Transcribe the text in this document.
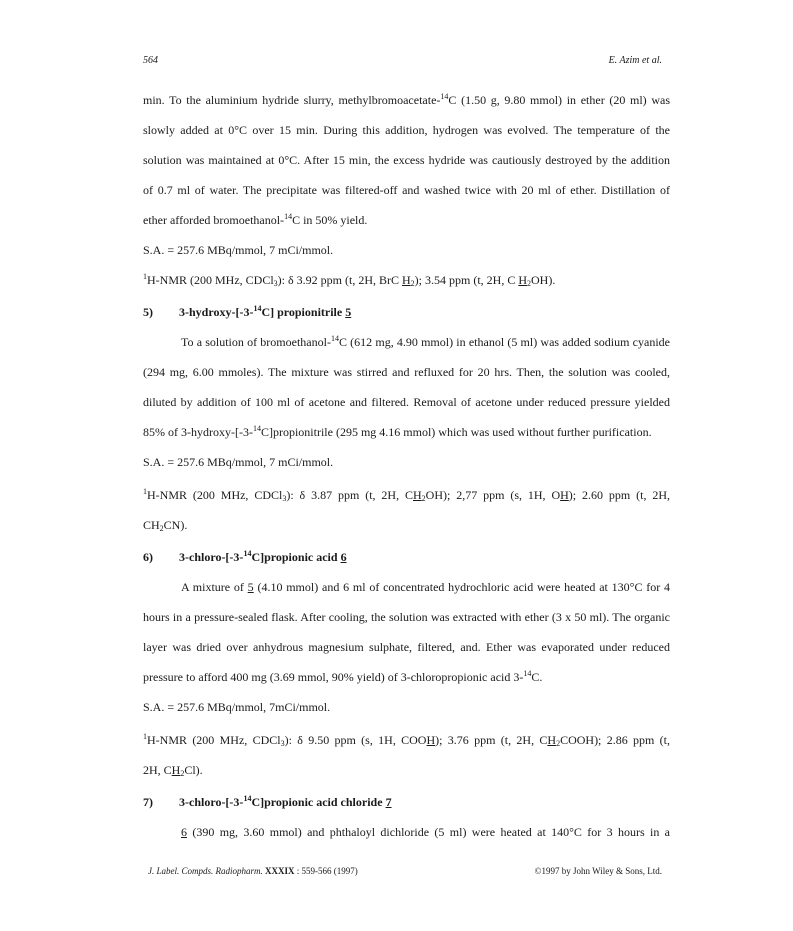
564	E. Azim et al.
min. To the aluminium hydride slurry, methylbromoacetate-$^{14}$C (1.50 g, 9.80 mmol) in ether (20 ml) was
slowly added at 0°C over 15 min. During this addition, hydrogen was evolved. The temperature of the
solution was maintained at 0°C. After 15 min, the excess hydride was cautiously destroyed by the addition
of 0.7 ml of water. The precipitate was filtered-off and washed twice with 20 ml of ether. Distillation of
ether afforded bromoethanol-$^{14}$C in 50% yield.
S.A. = 257.6 MBq/mmol, 7 mCi/mmol.
$^1$H-NMR (200 MHz, CDCl$_3$): δ 3.92 ppm (t, 2H, BrC $H_2$); 3.54 ppm (t, 2H, C $H_2OH$).
5) 3-hydroxy-[-3-$^{14}$C] propionitrile 5
To a solution of bromoethanol-$^{14}$C (612 mg, 4.90 mmol) in ethanol (5 ml) was added sodium cyanide
(294 mg, 6.00 mmoles). The mixture was stirred and refluxed for 20 hrs. Then, the solution was cooled,
diluted by addition of 100 ml of acetone and filtered. Removal of acetone under reduced pressure yielded
85% of 3-hydroxy-[-3-$^{14}$C]propionitrile (295 mg 4.16 mmol) which was used without further purification.
S.A. = 257.6 MBq/mmol, 7 mCi/mmol.
$^1$H-NMR (200 MHz, CDCl$_3$): δ 3.87 ppm (t, 2H, $CH_2OH$); 2,77 ppm (s, 1H, OH); 2.60 ppm (t, 2H,
$CH_2CN$).
6) 3-chloro-[-3-$^{14}$C]propionic acid 6
A mixture of 5 (4.10 mmol) and 6 ml of concentrated hydrochloric acid were heated at 130°C for 4
hours in a pressure-sealed flask. After cooling, the solution was extracted with ether (3 x 50 ml). The organic
layer was dried over anhydrous magnesium sulphate, filtered, and. Ether was evaporated under reduced
pressure to afford 400 mg (3.69 mmol, 90% yield) of 3-chloropropionic acid 3-$^{14}$C.
S.A. = 257.6 MBq/mmol, 7mCi/mmol.
$^1$H-NMR (200 MHz, CDCl$_3$): δ 9.50 ppm (s, 1H, COOH); 3.76 ppm (t, 2H, $CH_2COOH$); 2.86 ppm (t,
2H, $CH_2Cl$).
7) 3-chloro-[-3-$^{14}$C]propionic acid chloride 7
6 (390 mg, 3.60 mmol) and phthaloyl dichloride (5 ml) were heated at 140°C for 3 hours in a
J. Label. Compds. Radiopharm. XXXIX : 559-566 (1997)	©1997 by John Wiley & Sons, Ltd.
